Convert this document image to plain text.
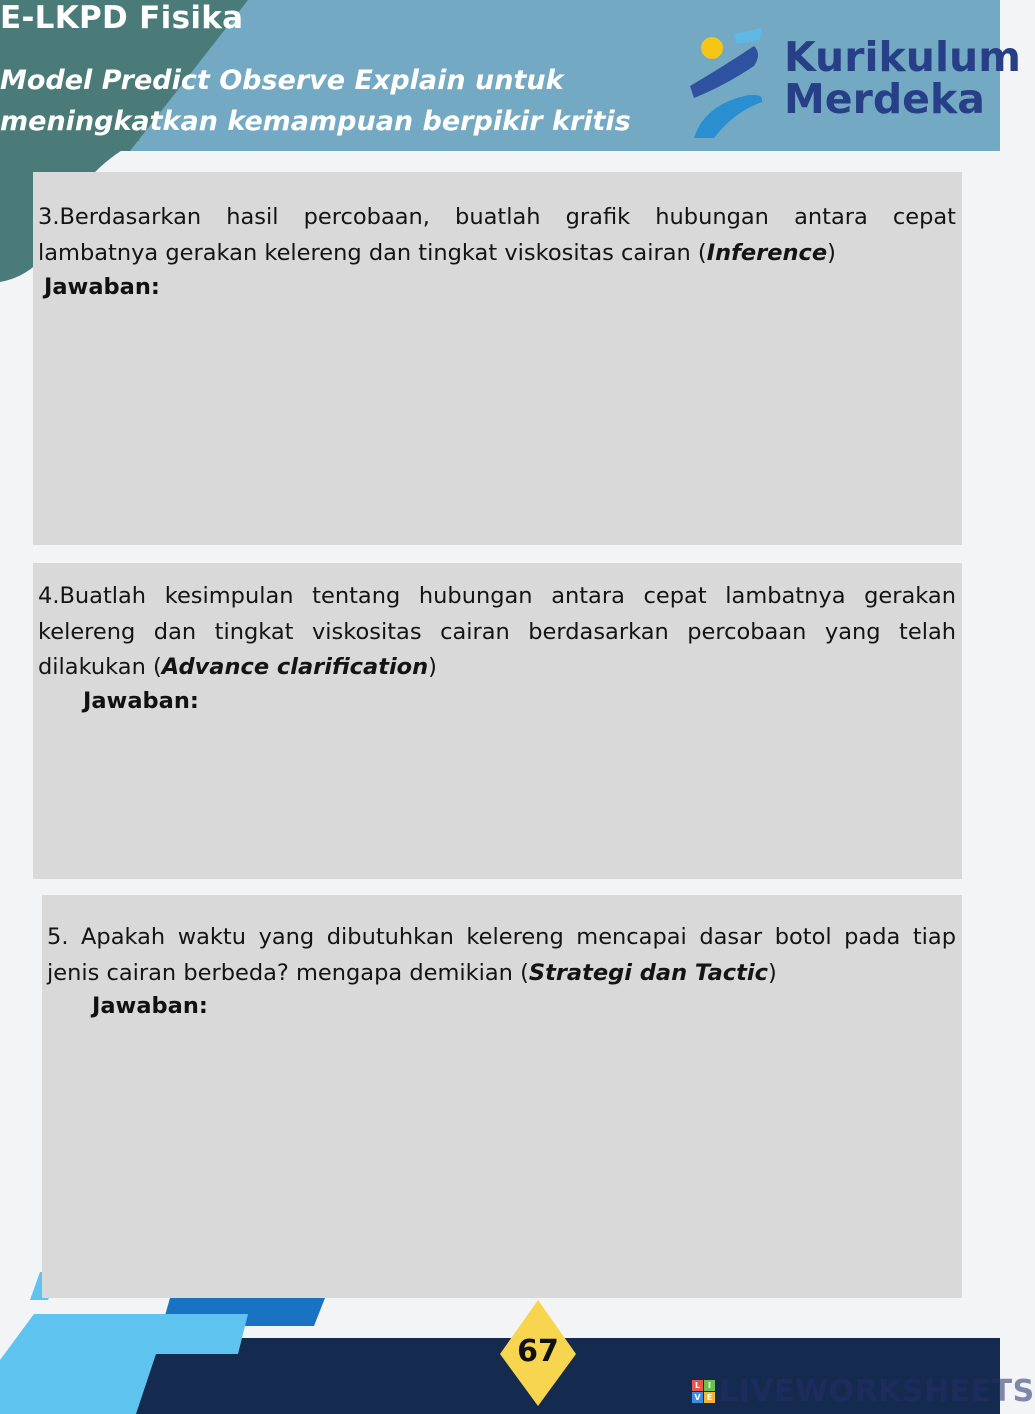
E-LKPD Fisika
Model Predict Observe Explain untuk
meningkatkan kemampuan berpikir kritis
Kurikulum
Merdeka
3.Berdasarkan hasil percobaan, buatlah grafik hubungan antara cepat lambatnya gerakan kelereng dan tingkat viskositas cairan (Inference)
Jawaban:
4.Buatlah kesimpulan tentang hubungan antara cepat lambatnya gerakan kelereng dan tingkat viskositas cairan berdasarkan percobaan yang telah dilakukan (Advance clarification)
Jawaban:
5. Apakah waktu yang dibutuhkan kelereng mencapai dasar botol pada tiap jenis cairan berbeda? mengapa demikian (Strategi dan Tactic)
Jawaban:
67
L I
V E LIVEWORKSHEETS
